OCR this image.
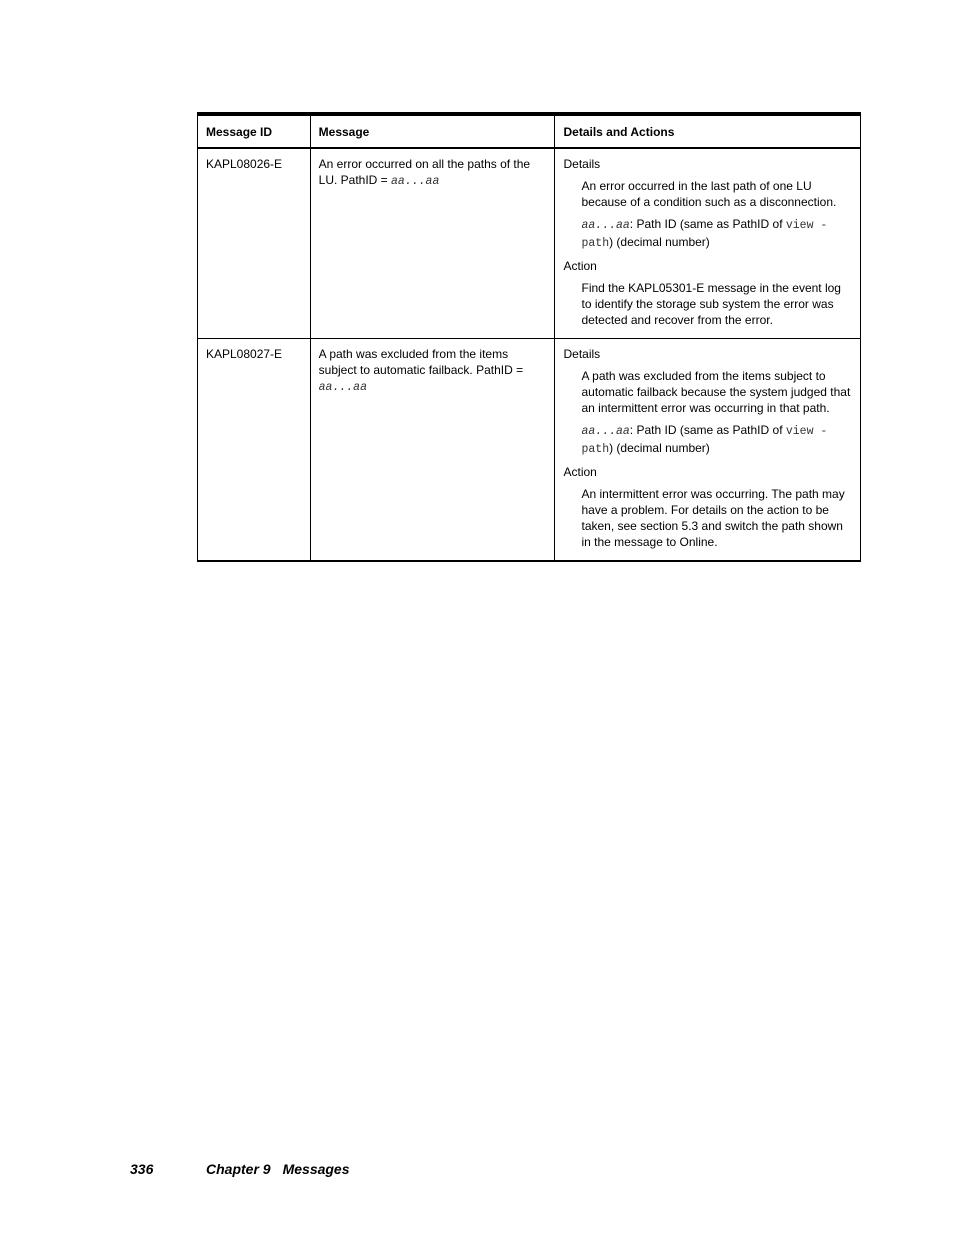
Message ID	Message	Details and Actions
KAPL08026-E	An error occurred on all the paths of the LU. PathID = aa...aa	Details
An error occurred in the last path of one LU because of a condition such as a disconnection.
aa...aa: Path ID (same as PathID of view -path) (decimal number)
Action
Find the KAPL05301-E message in the event log to identify the storage sub system the error was detected and recover from the error.

KAPL08027-E	A path was excluded from the items subject to automatic failback. PathID = aa...aa	Details
A path was excluded from the items subject to automatic failback because the system judged that an intermittent error was occurring in that path.
aa...aa: Path ID (same as PathID of view -path) (decimal number)
Action
An intermittent error was occurring. The path may have a problem. For details on the action to be taken, see section 5.3 and switch the path shown in the message to Online.
336	Chapter 9 Messages
